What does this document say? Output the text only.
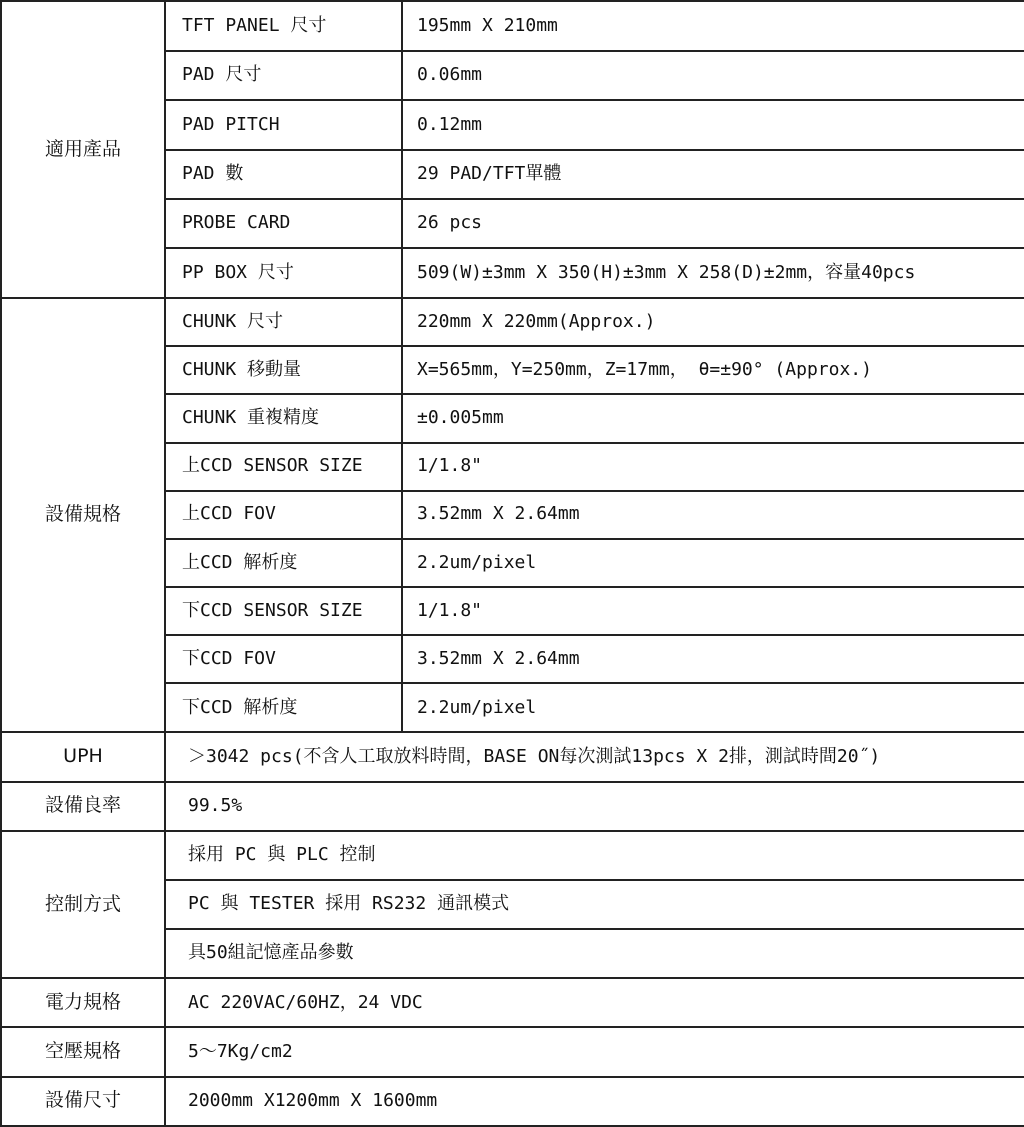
適用產品	TFT PANEL 尺寸	195mm X 210mm
	PAD 尺寸	0.06mm
	PAD PITCH	0.12mm
	PAD 數	29 PAD/TFT單體
	PROBE CARD	26 pcs
	PP BOX 尺寸	509(W)±3mm X 350(H)±3mm X 258(D)±2mm，容量40pcs
設備規格	CHUNK 尺寸	220mm X 220mm(Approx.)
	CHUNK 移動量	X=565mm，Y=250mm，Z=17mm， θ=±90° (Approx.)
	CHUNK 重複精度	±0.005mm
	上CCD SENSOR SIZE	1/1.8"
	上CCD FOV	3.52mm X 2.64mm
	上CCD 解析度	2.2um/pixel
	下CCD SENSOR SIZE	1/1.8"
	下CCD FOV	3.52mm X 2.64mm
	下CCD 解析度	2.2um/pixel
UPH	＞3042 pcs(不含人工取放料時間，BASE ON每次測試13pcs X 2排，測試時間20˝)	
設備良率	99.5%	
控制方式	採用 PC 與 PLC 控制	
	PC 與 TESTER 採用 RS232 通訊模式	
	具50組記憶產品參數	
電力規格	AC 220VAC/60HZ，24 VDC	
空壓規格	5～7Kg/cm2	
設備尺寸	2000mm X1200mm X 1600mm	
